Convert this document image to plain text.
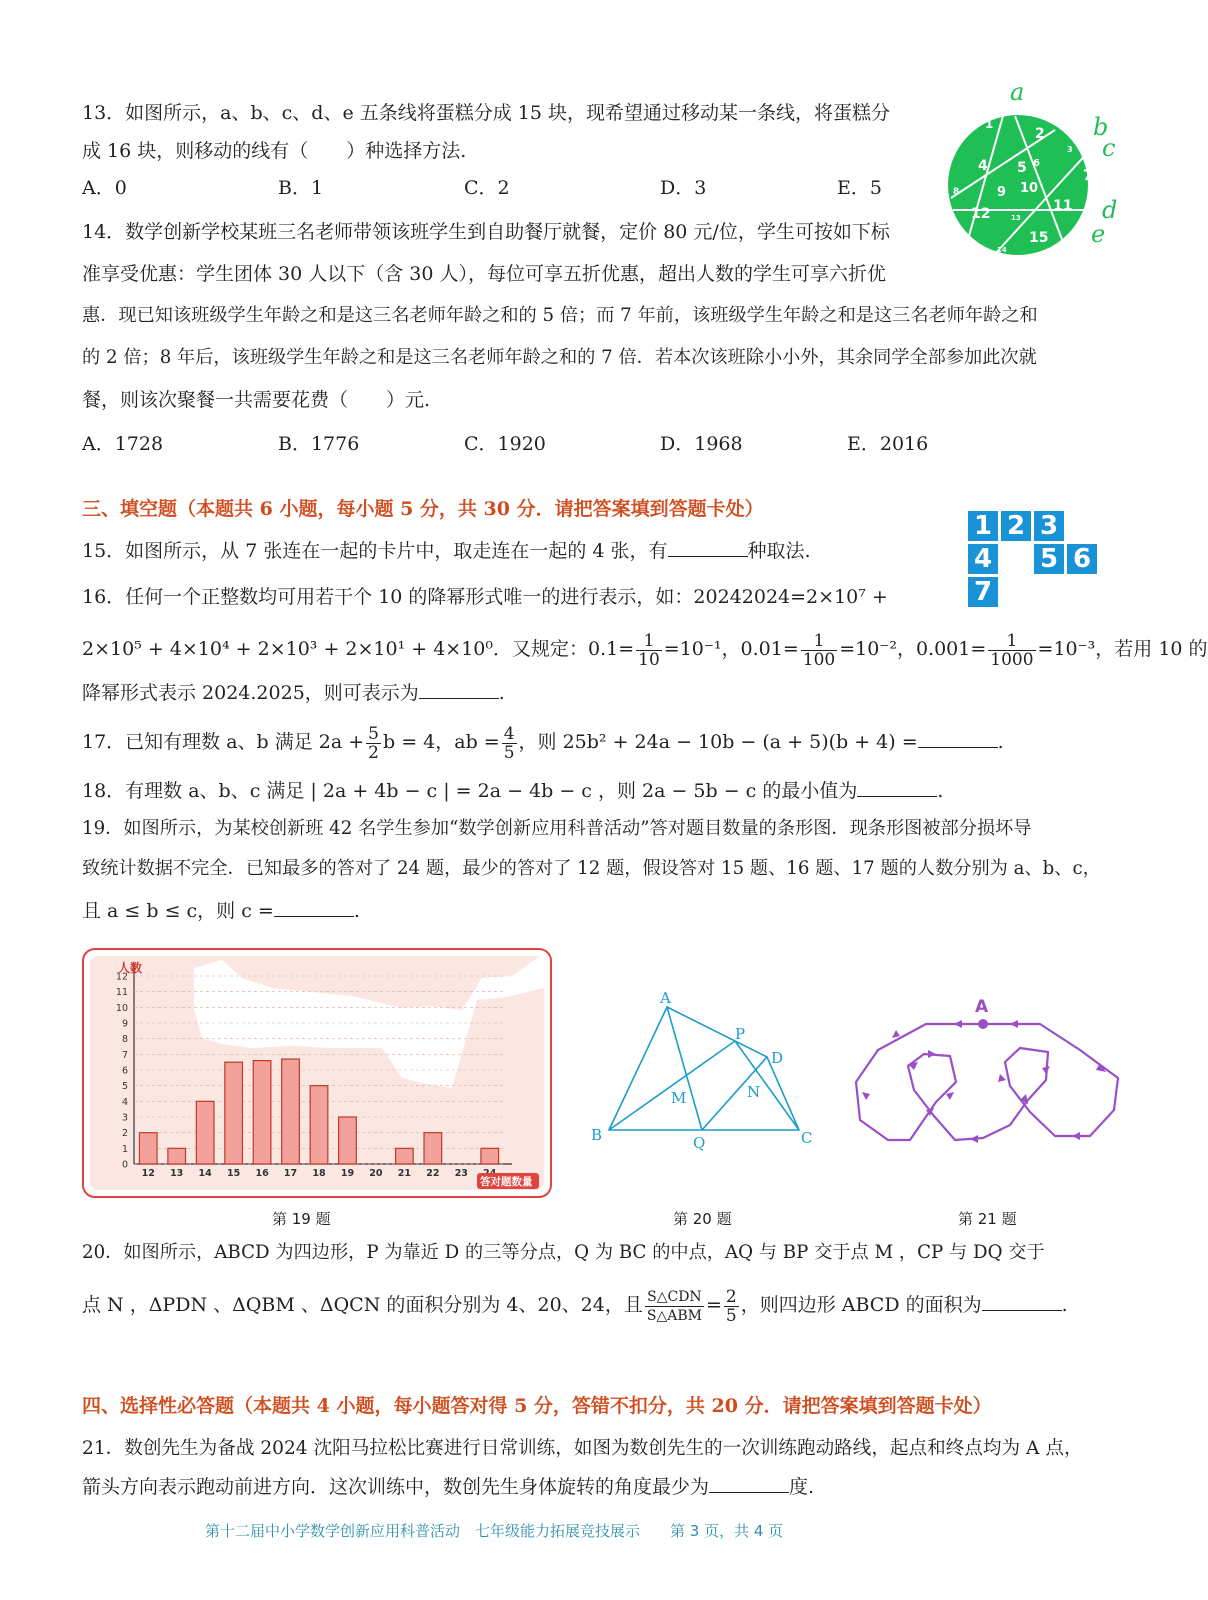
13．如图所示，a、b、c、d、e 五条线将蛋糕分成 15 块，现希望通过移动某一条线，将蛋糕分
成 16 块，则移动的线有（　　）种选择方法.
A．0	B．1	C．2	D．3	E．5
1
2
3
4 5 6
7
8	9 10
11
12	13
14
15
a
b
c
d
e
14．数学创新学校某班三名老师带领该班学生到自助餐厅就餐，定价 80 元/位，学生可按如下标
准享受优惠：学生团体 30 人以下（含 30 人），每位可享五折优惠，超出人数的学生可享六折优
惠．现已知该班级学生年龄之和是这三名老师年龄之和的 5 倍；而 7 年前，该班级学生年龄之和是这三名老师年龄之和
的 2 倍；8 年后，该班级学生年龄之和是这三名老师年龄之和的 7 倍．若本次该班除小小外，其余同学全部参加此次就
餐，则该次聚餐一共需要花费（　　）元.
A．1728	B．1776	C．1920	D．1968	E．2016
三、填空题（本题共 6 小题，每小题 5 分，共 30 分．请把答案填到答题卡处）
15．如图所示，从 7 张连在一起的卡片中，取走连在一起的 4 张，有	种取法.
1 2 3
4 5 6
7
16．任何一个正整数均可用若干个 10 的降幂形式唯一的进行表示，如：20242024=2×10⁷ +
2×10⁵ + 4×10⁴ + 2×10³ + 2×10¹ + 4×10⁰．又规定：$0.1= \frac{1}{10} =10^{-1}$，$0.01= \frac{1}{100} =10^{-2}$，$0.001= \frac{1}{1000} =10^{-3}$，若用 10 的
降幂形式表示 2024.2025，则可表示为	.
17．已知有理数 a、b 满足 $2a + \frac{5}{2}$ b = 4，ab = $\frac{4}{5}$ ，则 25b² + 24a − 10b − (a + 5)(b + 4) =	.
18．有理数 a、b、c 满足 | 2a + 4b − c | = 2a − 4b − c ，则 2a − 5b − c 的最小值为	.
19．如图所示，为某校创新班 42 名学生参加“数学创新应用科普活动”答对题目数量的条形图．现条形图被部分损坏导
致统计数据不完全．已知最多的答对了 24 题，最少的答对了 12 题，假设答对 15 题、16 题、17 题的人数分别为 a、b、c，
且 a ≤ b ≤ c，则 c =	.
12 13 14 15 16 17 18 19 20 21 22 23
0
1
2
3
4
5
6
7
8
9
10
11
12
人数
答对题数量
A
B	C
D
P
Q
M	N
A
第 19 题	第 20 题	第 21 题
20．如图所示，ABCD 为四边形，P 为靠近 D 的三等分点，Q 为 BC 的中点，AQ 与 BP 交于点 M ，CP 与 DQ 交于
点 N ，ΔPDN 、ΔQBM 、ΔQCN 的面积分别为 4、20、24，且 $\frac{\text{S△CDN}}{\text{S△ABM}} = \frac{2}{5}$ ，则四边形 ABCD 的面积为	.
四、选择性必答题（本题共 4 小题，每小题答对得 5 分，答错不扣分，共 20 分．请把答案填到答题卡处）
21．数创先生为备战 2024 沈阳马拉松比赛进行日常训练，如图为数创先生的一次训练跑动路线，起点和终点均为 A 点，
箭头方向表示跑动前进方向．这次训练中，数创先生身体旋转的角度最少为	度.
第十二届中小学数学创新应用科普活动　七年级能力拓展竞技展示　　第 3 页，共 4 页
